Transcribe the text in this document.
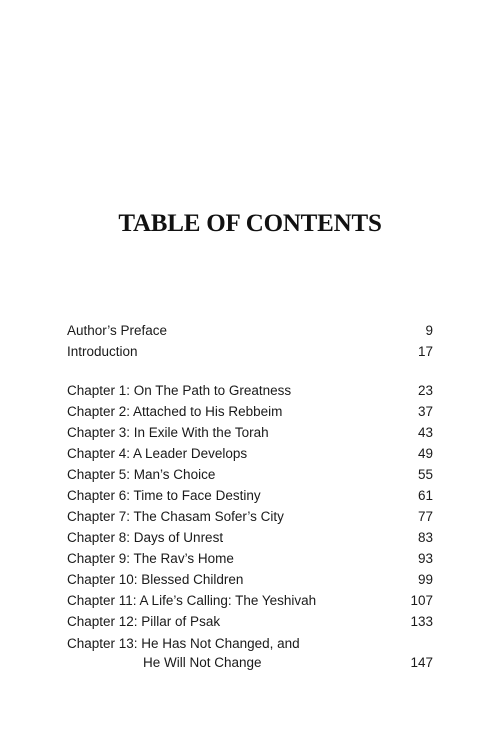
TABLE OF CONTENTS
Author’s Preface	9
Introduction	17
Chapter 1: On The Path to Greatness	23
Chapter 2: Attached to His Rebbeim	37
Chapter 3: In Exile With the Torah	43
Chapter 4: A Leader Develops	49
Chapter 5: Man’s Choice	55
Chapter 6: Time to Face Destiny	61
Chapter 7: The Chasam Sofer’s City	77
Chapter 8: Days of Unrest	83
Chapter 9: The Rav’s Home	93
Chapter 10: Blessed Children	99
Chapter 11: A Life’s Calling: The Yeshivah	107
Chapter 12: Pillar of Psak	133
Chapter 13: He Has Not Changed, and
He Will Not Change	147
